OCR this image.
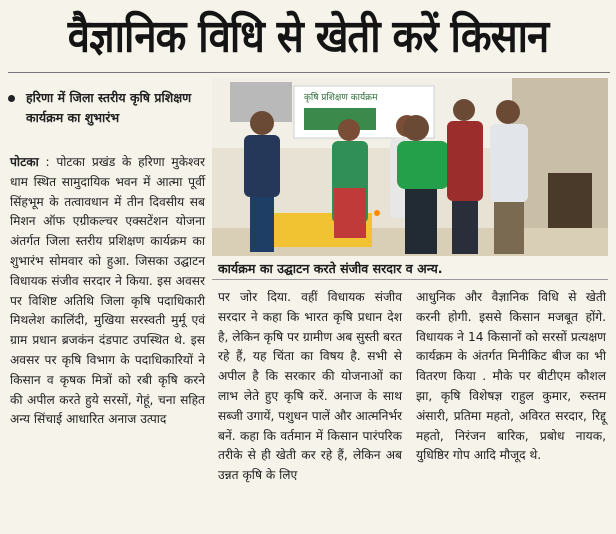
वैज्ञानिक विधि से खेती करें किसान
हरिणा में जिला स्तरीय कृषि प्रशिक्षण कार्यक्रम का शुभारंभ
पोटका : पोटका प्रखंड के हरिणा मुकेश्वर धाम स्थित सामुदायिक भवन में आत्मा पूर्वी सिंहभूम के तत्वावधान में तीन दिवसीय सब मिशन ऑफ एग्रीकल्चर एक्सटेंशन योजना अंतर्गत जिला स्तरीय प्रशिक्षण कार्यक्रम का शुभारंभ सोमवार को हुआ. जिसका उद्घाटन विधायक संजीव सरदार ने किया. इस अवसर पर विशिष्ट अतिथि जिला कृषि पदाधिकारी मिथलेश कालिंदी, मुखिया सरस्वती मुर्मू एवं ग्राम प्रधान ब्रजकंन दंडपाट उपस्थित थे. इस अवसर पर कृषि विभाग के पदाधिकारियों ने किसान व कृषक मित्रों को रबी कृषि करने की अपील करते हुये सरसों, गेहूं, चना सहित अन्य सिंचाई आधारित अनाज उत्पाद
कृषि प्रशिक्षण कार्यक्रम
कार्यक्रम का उद्घाटन करते संजीव सरदार व अन्य.
पर जोर दिया. वहीं विधायक संजीव सरदार ने कहा कि भारत कृषि प्रधान देश है, लेकिन कृषि पर ग्रामीण अब सुस्ती बरत रहे हैं, यह चिंता का विषय है. सभी से अपील है कि सरकार की योजनाओं का लाभ लेते हुए कृषि करें. अनाज के साथ सब्जी उगायें, पशुधन पालें और आत्मनिर्भर बनें. कहा कि वर्तमान में किसान पारंपरिक तरीके से ही खेती कर रहे हैं, लेकिन अब उन्नत कृषि के लिए
आधुनिक और वैज्ञानिक विधि से खेती करनी होगी. इससे किसान मजबूत होंगे. विधायक ने 14 किसानों को सरसों प्रत्यक्षण कार्यक्रम के अंतर्गत मिनीकिट बीज का भी वितरण किया . मौके पर बीटीएम कौशल झा, कृषि विशेषज्ञ राहुल कुमार, रुस्तम अंसारी, प्रतिमा महतो, अविरत सरदार, रिद्दू महतो, निरंजन बारिक, प्रबोध नायक, युधिष्ठिर गोप आदि मौजूद थे.
